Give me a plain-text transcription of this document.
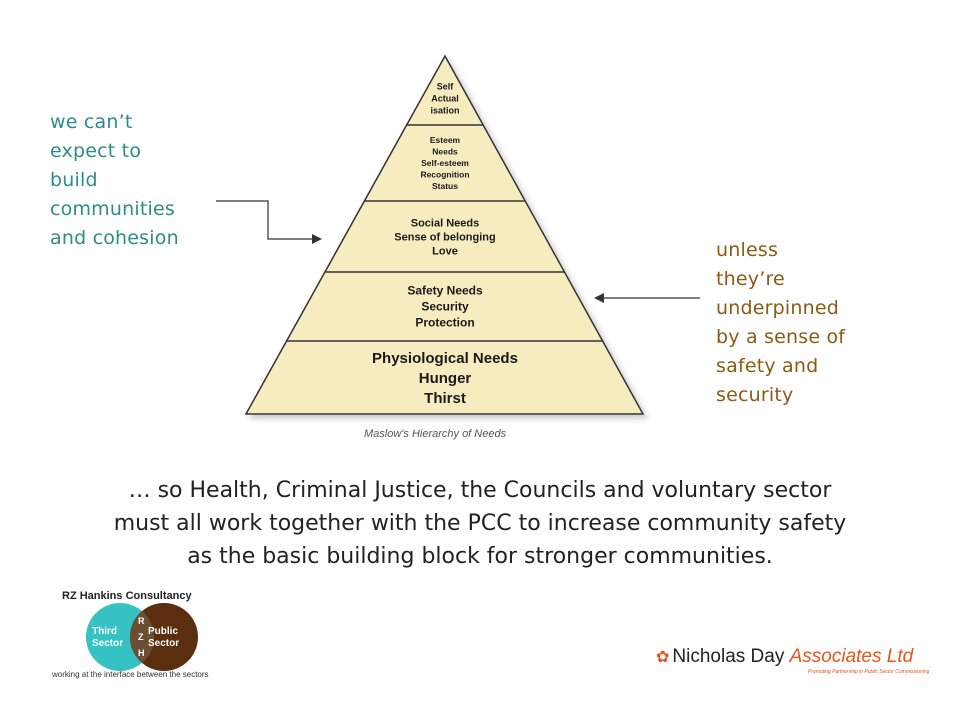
Self
Actual
isation
Esteem
Needs
Self-esteem
Recognition
Status
Social Needs
Sense of belonging
Love
Safety Needs
Security
Protection
Physiological Needs
Hunger
Thirst
Third
Sector
Public
Sector
R
Z
H
Maslow's Hierarchy of Needs
we can’t
expect to
build
communities
and cohesion
unless
they’re
underpinned
by a sense of
safety and
security
… so Health, Criminal Justice, the Councils and voluntary sector
must all work together with the PCC to increase community safety
as the basic building block for stronger communities.
RZ Hankins Consultancy
working at the interface between the sectors
✿ Nicholas Day Associates Ltd
Promoting Partnership in Public Sector Commissioning
